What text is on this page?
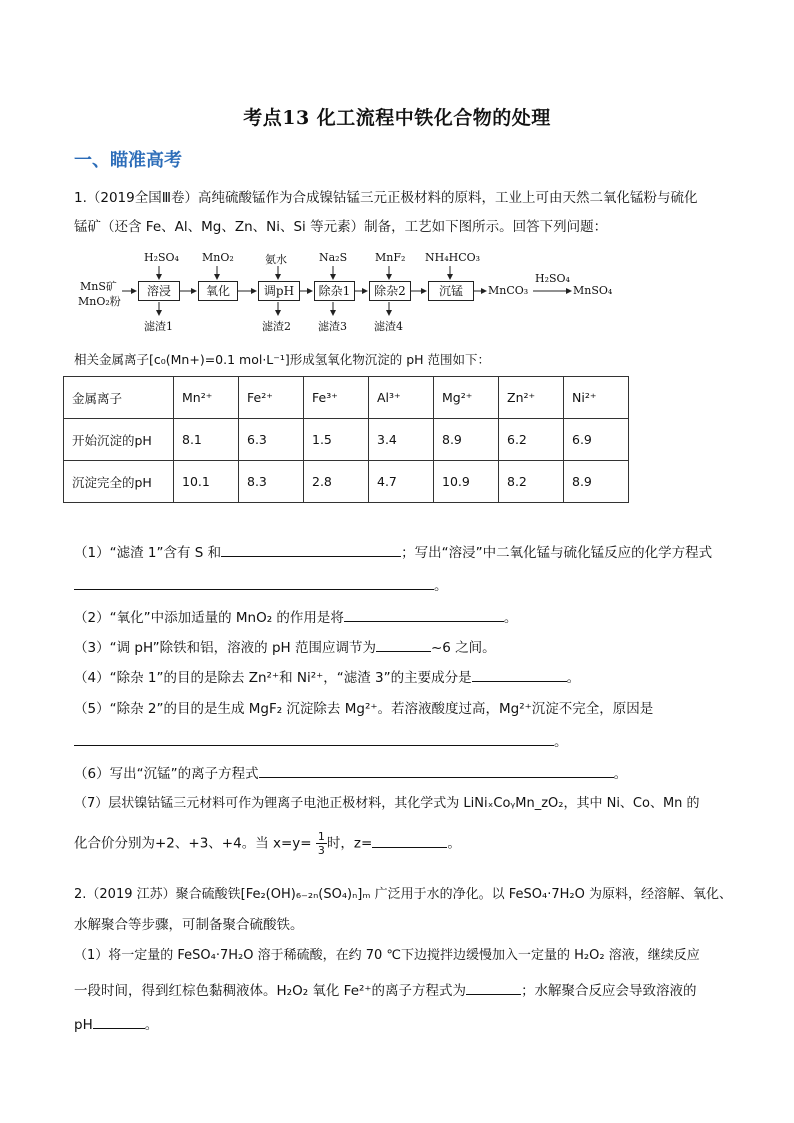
考点13 化工流程中铁化合物的处理
一、瞄准高考
1.（2019全国Ⅲ卷）高纯硫酸锰作为合成镍钴锰三元正极材料的原料，工业上可由天然二氧化锰粉与硫化
锰矿（还含 Fe、Al、Mg、Zn、Ni、Si 等元素）制备，工艺如下图所示。回答下列问题：
MnS矿
MnO₂粉
H₂SO₄ MnO₂	氨水	Na₂S	MnF₂ NH₄HCO₃
溶浸	氧化	调pH	除杂1	除杂2	沉锰	MnCO₃
H₂SO₄
MnSO₄
滤渣1	滤渣2 滤渣3 滤渣4
相关金属离子[c₀(Mn+)=0.1 mol·L⁻¹]形成氢氧化物沉淀的 pH 范围如下：
金属离子	Mn²⁺	Fe²⁺	Fe³⁺	Al³⁺	Mg²⁺	Zn²⁺	Ni²⁺
开始沉淀的pH	8.1	6.3	1.5	3.4	8.9	6.2	6.9
沉淀完全的pH	10.1	8.3	2.8	4.7	10.9	8.2	8.9
（1）“滤渣 1”含有 S 和	；写出“溶浸”中二氧化锰与硫化锰反应的化学方程式
。
（2）“氧化”中添加适量的 MnO₂ 的作用是将	。
（3）“调 pH”除铁和铝，溶液的 pH 范围应调节为	~6 之间。
（4）“除杂 1”的目的是除去 Zn²⁺和 Ni²⁺，“滤渣 3”的主要成分是	。
（5）“除杂 2”的目的是生成 MgF₂ 沉淀除去 Mg²⁺。若溶液酸度过高，Mg²⁺沉淀不完全，原因是
。
（6）写出“沉锰”的离子方程式	。
（7）层状镍钴锰三元材料可作为锂离子电池正极材料，其化学式为 LiNiₓCoᵧMn_zO₂，其中 Ni、Co、Mn 的
化合价分别为+2、+3、+4。当 $x=y= \frac{1}{3}$ 时，z=	。
2.（2019 江苏）聚合硫酸铁[Fe₂(OH)₆₋₂ₙ(SO₄)ₙ]ₘ 广泛用于水的净化。以 FeSO₄·7H₂O 为原料，经溶解、氧化、
水解聚合等步骤，可制备聚合硫酸铁。
（1）将一定量的 FeSO₄·7H₂O 溶于稀硫酸，在约 70 ℃下边搅拌边缓慢加入一定量的 H₂O₂ 溶液，继续反应
一段时间，得到红棕色黏稠液体。H₂O₂ 氧化 Fe²⁺的离子方程式为	；水解聚合反应会导致溶液的
pH	。
